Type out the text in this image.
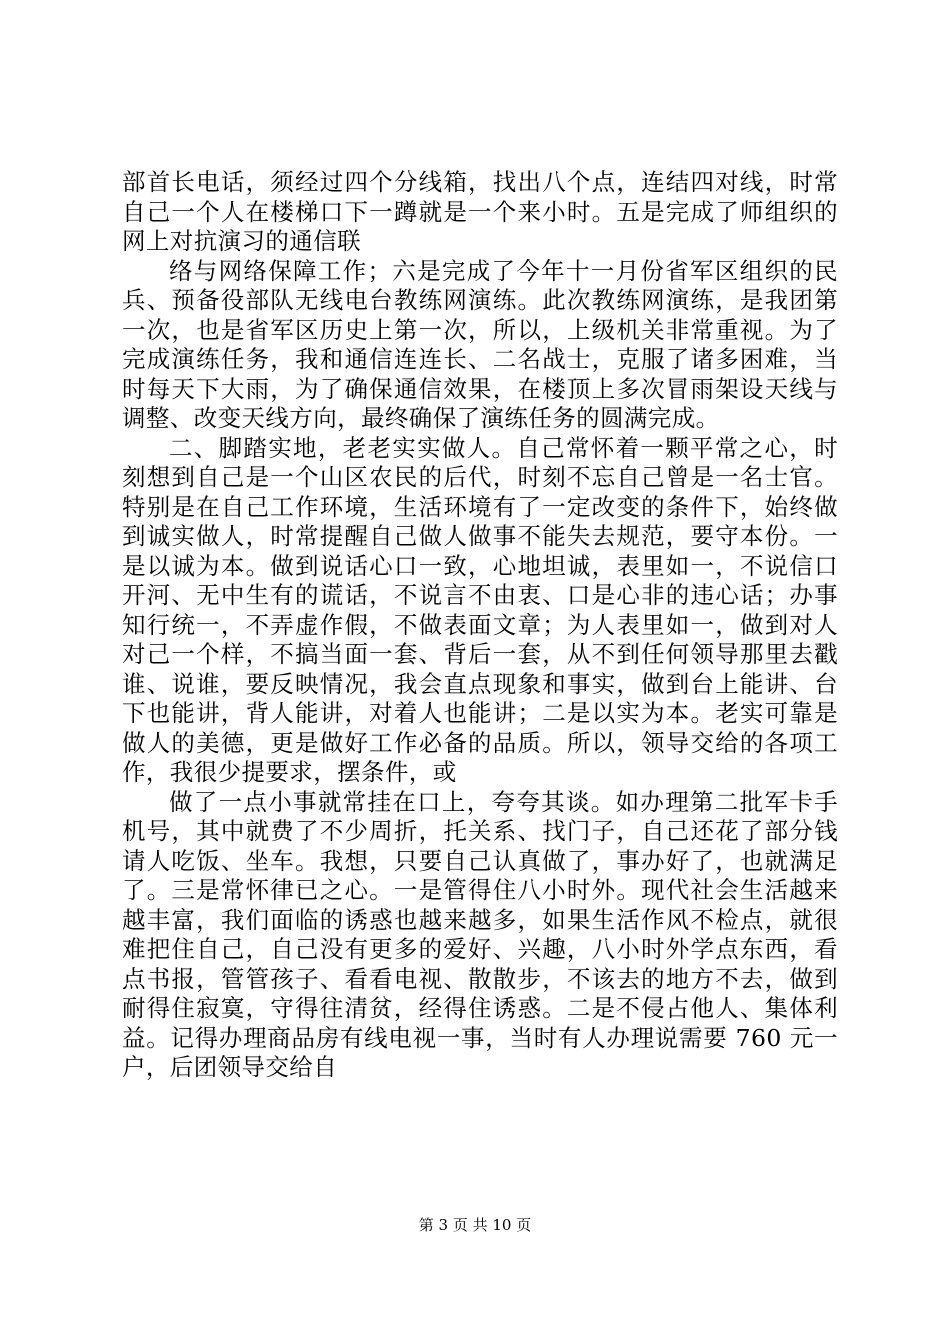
部首长电话，须经过四个分线箱，找出八个点，连结四对线，时常自己一个人在楼梯口下一蹲就是一个来小时。五是完成了师组织的网上对抗演习的通信联

络与网络保障工作；六是完成了今年十一月份省军区组织的民兵、预备役部队无线电台教练网演练。此次教练网演练，是我团第一次，也是省军区历史上第一次，所以，上级机关非常重视。为了完成演练任务，我和通信连连长、二名战士，克服了诸多困难，当时每天下大雨，为了确保通信效果，在楼顶上多次冒雨架设天线与调整、改变天线方向，最终确保了演练任务的圆满完成。

二、脚踏实地，老老实实做人。自己常怀着一颗平常之心，时刻想到自己是一个山区农民的后代，时刻不忘自己曾是一名士官。特别是在自己工作环境，生活环境有了一定改变的条件下，始终做到诚实做人，时常提醒自己做人做事不能失去规范，要守本份。一是以诚为本。做到说话心口一致，心地坦诚，表里如一，不说信口开河、无中生有的谎话，不说言不由衷、口是心非的违心话；办事知行统一，不弄虚作假，不做表面文章；为人表里如一，做到对人对己一个样，不搞当面一套、背后一套，从不到任何领导那里去戳谁、说谁，要反映情况，我会直点现象和事实，做到台上能讲、台下也能讲，背人能讲，对着人也能讲；二是以实为本。老实可靠是做人的美德，更是做好工作必备的品质。所以，领导交给的各项工作，我很少提要求，摆条件，或

做了一点小事就常挂在口上，夸夸其谈。如办理第二批军卡手机号，其中就费了不少周折，托关系、找门子，自己还花了部分钱请人吃饭、坐车。我想，只要自己认真做了，事办好了，也就满足了。三是常怀律已之心。一是管得住八小时外。现代社会生活越来越丰富，我们面临的诱惑也越来越多，如果生活作风不检点，就很难把住自己，自己没有更多的爱好、兴趣，八小时外学点东西，看点书报，管管孩子、看看电视、散散步，不该去的地方不去，做到耐得住寂寞，守得往清贫，经得住诱惑。二是不侵占他人、集体利益。记得办理商品房有线电视一事，当时有人办理说需要 760 元一户，后团领导交给自

第 3 页 共 10 页
